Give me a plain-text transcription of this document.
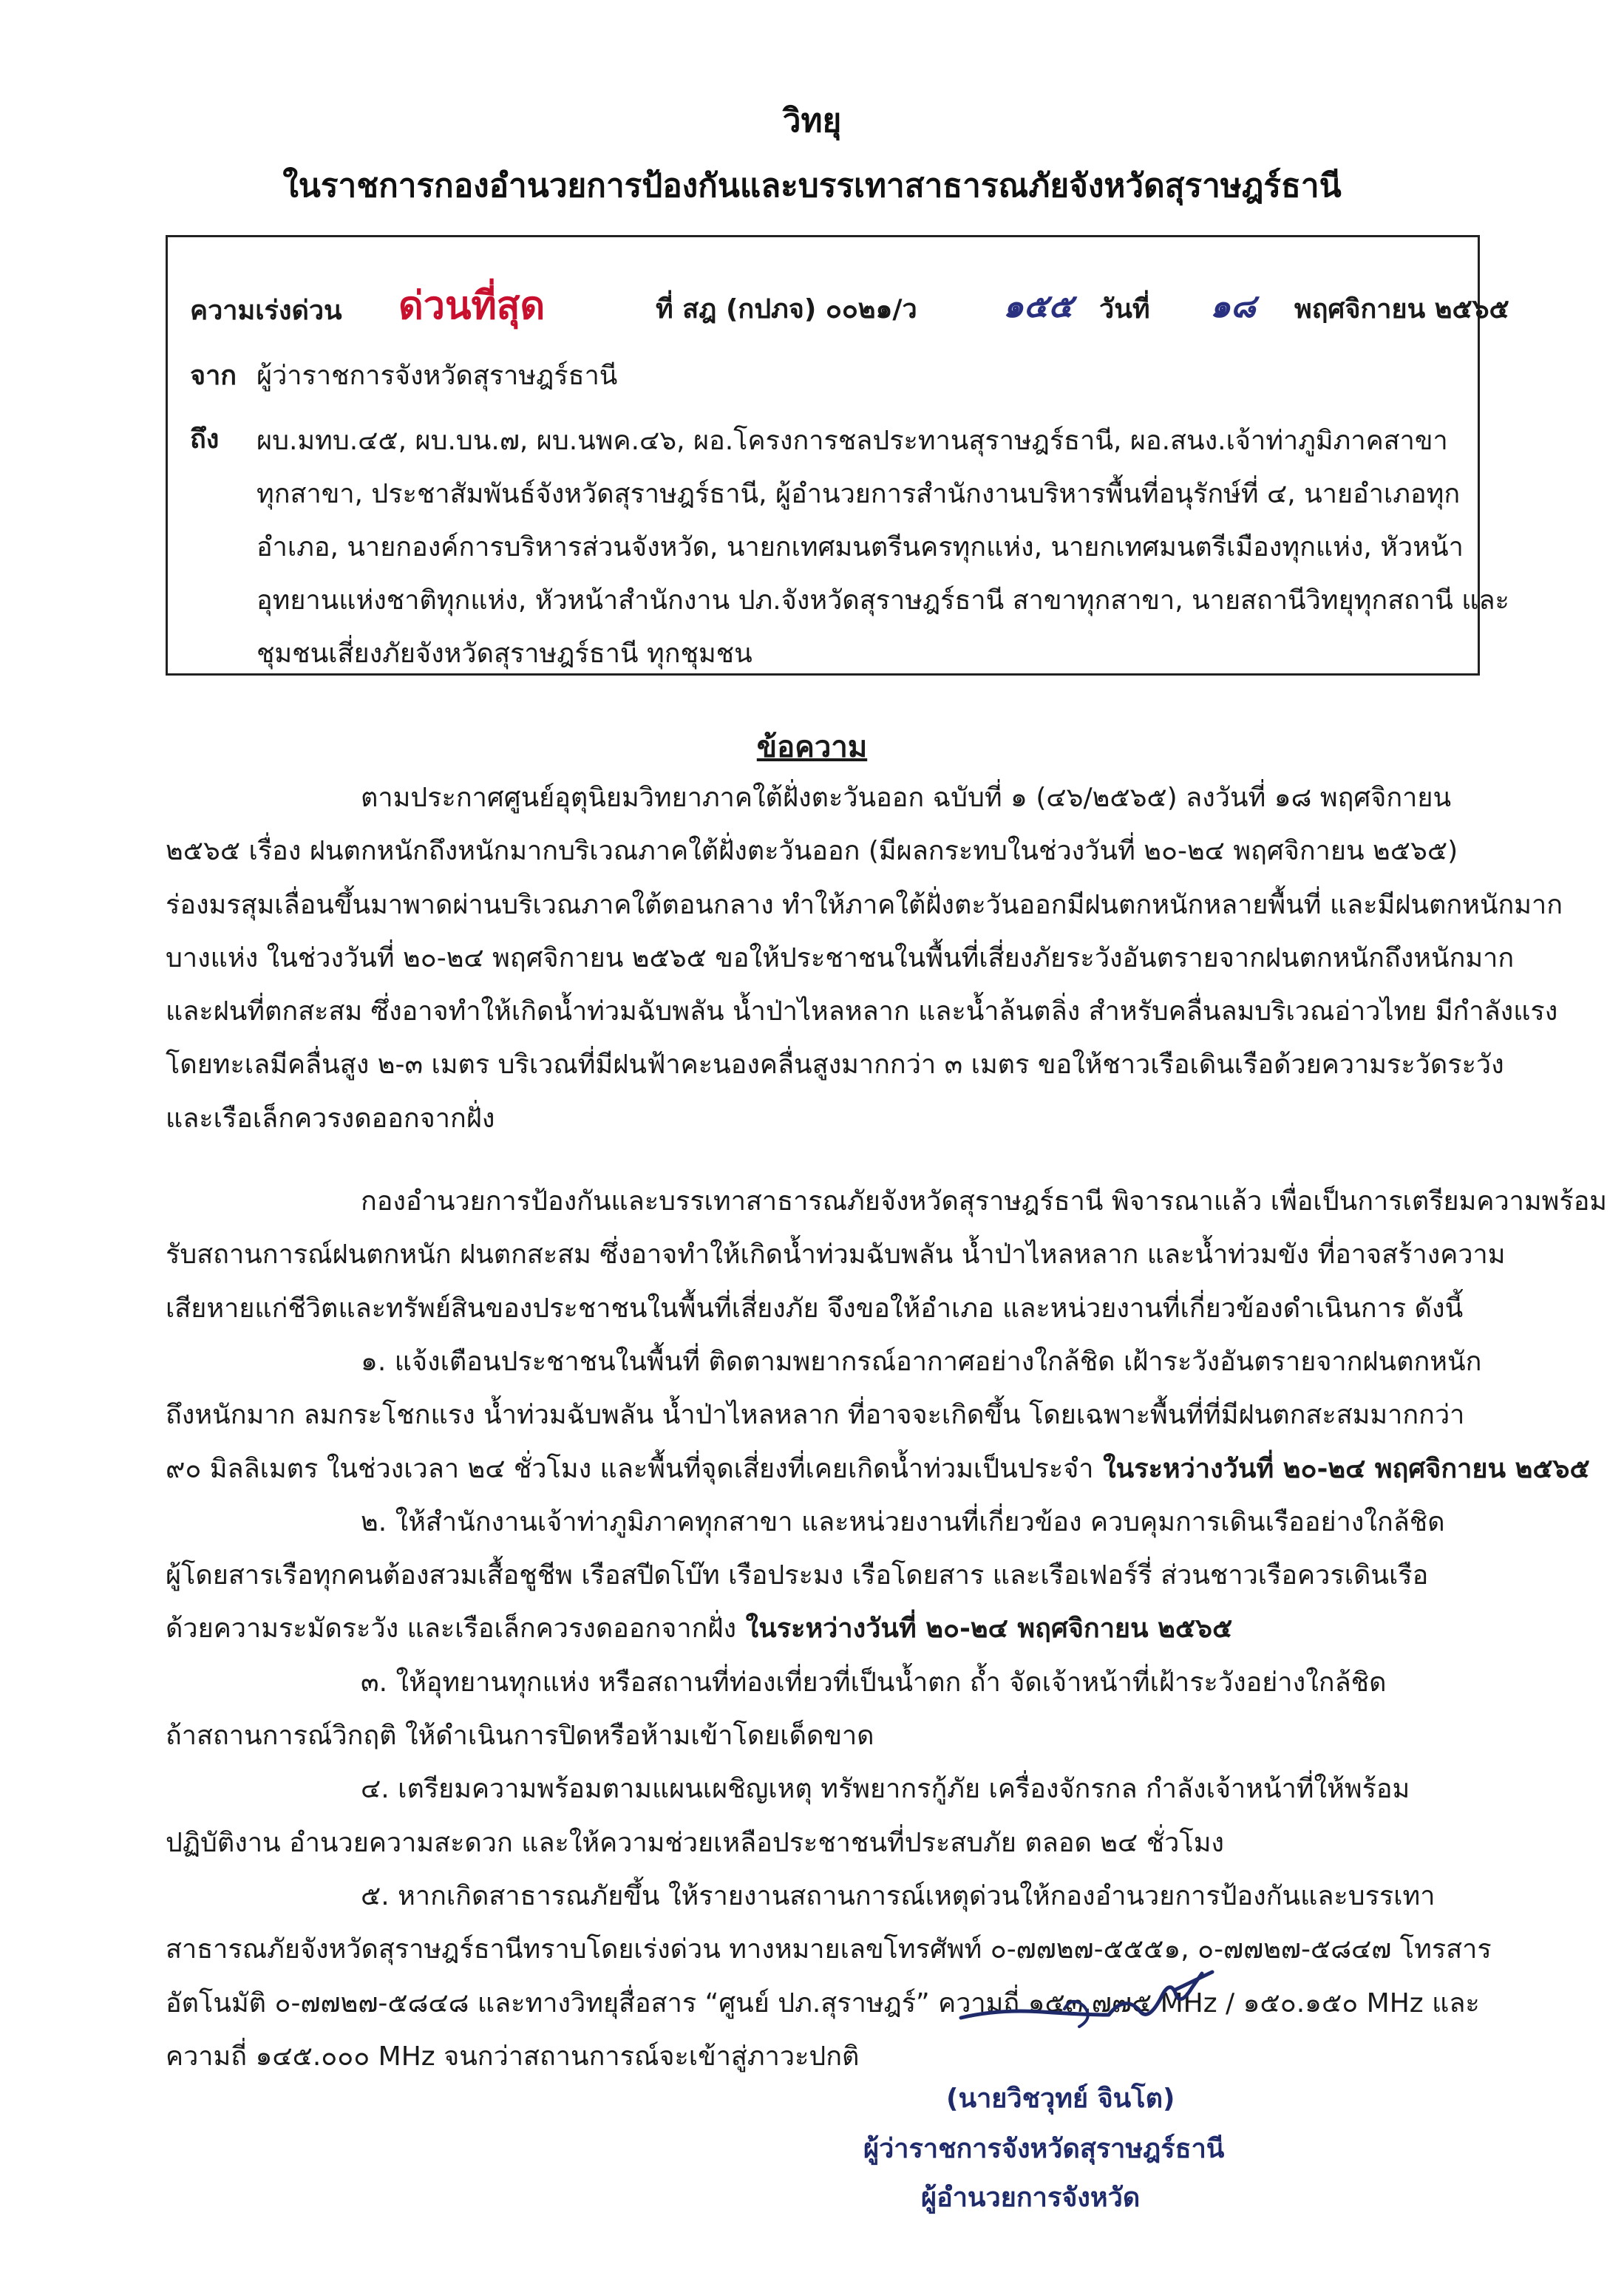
วิทยุ
ในราชการกองอำนวยการป้องกันและบรรเทาสาธารณภัยจังหวัดสุราษฎร์ธานี
ความเร่งด่วน ด่วนที่สุด	ที่ สฎ (กปภจ) ๐๐๒๑/ว	๑๕๕ วันที่ ๑๘ พฤศจิกายน ๒๕๖๕
จาก ผู้ว่าราชการจังหวัดสุราษฎร์ธานี
ถึง ผบ.มทบ.๔๕, ผบ.บน.๗, ผบ.นพค.๔๖, ผอ.โครงการชลประทานสุราษฎร์ธานี, ผอ.สนง.เจ้าท่าภูมิภาคสาขา
ทุกสาขา, ประชาสัมพันธ์จังหวัดสุราษฎร์ธานี, ผู้อำนวยการสำนักงานบริหารพื้นที่อนุรักษ์ที่ ๔, นายอำเภอทุก
อำเภอ, นายกองค์การบริหารส่วนจังหวัด, นายกเทศมนตรีนครทุกแห่ง, นายกเทศมนตรีเมืองทุกแห่ง, หัวหน้า
อุทยานแห่งชาติทุกแห่ง, หัวหน้าสำนักงาน ปภ.จังหวัดสุราษฎร์ธานี สาขาทุกสาขา, นายสถานีวิทยุทุกสถานี และ
ชุมชนเสี่ยงภัยจังหวัดสุราษฎร์ธานี ทุกชุมชน
ข้อความ
ตามประกาศศูนย์อุตุนิยมวิทยาภาคใต้ฝั่งตะวันออก ฉบับที่ ๑ (๔๖/๒๕๖๕) ลงวันที่ ๑๘ พฤศจิกายน
๒๕๖๕ เรื่อง ฝนตกหนักถึงหนักมากบริเวณภาคใต้ฝั่งตะวันออก (มีผลกระทบในช่วงวันที่ ๒๐-๒๔ พฤศจิกายน ๒๕๖๕)
ร่องมรสุมเลื่อนขึ้นมาพาดผ่านบริเวณภาคใต้ตอนกลาง ทำให้ภาคใต้ฝั่งตะวันออกมีฝนตกหนักหลายพื้นที่ และมีฝนตกหนักมาก
บางแห่ง ในช่วงวันที่ ๒๐-๒๔ พฤศจิกายน ๒๕๖๕ ขอให้ประชาชนในพื้นที่เสี่ยงภัยระวังอันตรายจากฝนตกหนักถึงหนักมาก
และฝนที่ตกสะสม ซึ่งอาจทำให้เกิดน้ำท่วมฉับพลัน น้ำป่าไหลหลาก และน้ำล้นตลิ่ง สำหรับคลื่นลมบริเวณอ่าวไทย มีกำลังแรง
โดยทะเลมีคลื่นสูง ๒-๓ เมตร บริเวณที่มีฝนฟ้าคะนองคลื่นสูงมากกว่า ๓ เมตร ขอให้ชาวเรือเดินเรือด้วยความระวัดระวัง
และเรือเล็กควรงดออกจากฝั่ง
กองอำนวยการป้องกันและบรรเทาสาธารณภัยจังหวัดสุราษฎร์ธานี พิจารณาแล้ว เพื่อเป็นการเตรียมความพร้อม
รับสถานการณ์ฝนตกหนัก ฝนตกสะสม ซึ่งอาจทำให้เกิดน้ำท่วมฉับพลัน น้ำป่าไหลหลาก และน้ำท่วมขัง ที่อาจสร้างความ
เสียหายแก่ชีวิตและทรัพย์สินของประชาชนในพื้นที่เสี่ยงภัย จึงขอให้อำเภอ และหน่วยงานที่เกี่ยวข้องดำเนินการ ดังนี้
๑. แจ้งเตือนประชาชนในพื้นที่ ติดตามพยากรณ์อากาศอย่างใกล้ชิด เฝ้าระวังอันตรายจากฝนตกหนัก
ถึงหนักมาก ลมกระโชกแรง น้ำท่วมฉับพลัน น้ำป่าไหลหลาก ที่อาจจะเกิดขึ้น โดยเฉพาะพื้นที่ที่มีฝนตกสะสมมากกว่า
๙๐ มิลลิเมตร ในช่วงเวลา ๒๔ ชั่วโมง และพื้นที่จุดเสี่ยงที่เคยเกิดน้ำท่วมเป็นประจำ ในระหว่างวันที่ ๒๐-๒๔ พฤศจิกายน ๒๕๖๕
๒. ให้สำนักงานเจ้าท่าภูมิภาคทุกสาขา และหน่วยงานที่เกี่ยวข้อง ควบคุมการเดินเรืออย่างใกล้ชิด
ผู้โดยสารเรือทุกคนต้องสวมเสื้อชูชีพ เรือสปีดโบ๊ท เรือประมง เรือโดยสาร และเรือเฟอร์รี่ ส่วนชาวเรือควรเดินเรือ
ด้วยความระมัดระวัง และเรือเล็กควรงดออกจากฝั่ง ในระหว่างวันที่ ๒๐-๒๔ พฤศจิกายน ๒๕๖๕
๓. ให้อุทยานทุกแห่ง หรือสถานที่ท่องเที่ยวที่เป็นน้ำตก ถ้ำ จัดเจ้าหน้าที่เฝ้าระวังอย่างใกล้ชิด
ถ้าสถานการณ์วิกฤติ ให้ดำเนินการปิดหรือห้ามเข้าโดยเด็ดขาด
๔. เตรียมความพร้อมตามแผนเผชิญเหตุ ทรัพยากรกู้ภัย เครื่องจักรกล กำลังเจ้าหน้าที่ให้พร้อม
ปฏิบัติงาน อำนวยความสะดวก และให้ความช่วยเหลือประชาชนที่ประสบภัย ตลอด ๒๔ ชั่วโมง
๕. หากเกิดสาธารณภัยขึ้น ให้รายงานสถานการณ์เหตุด่วนให้กองอำนวยการป้องกันและบรรเทา
สาธารณภัยจังหวัดสุราษฎร์ธานีทราบโดยเร่งด่วน ทางหมายเลขโทรศัพท์ ๐-๗๗๒๗-๕๕๕๑, ๐-๗๗๒๗-๕๘๔๗ โทรสาร
อัตโนมัติ ๐-๗๗๒๗-๕๘๔๘ และทางวิทยุสื่อสาร “ศูนย์ ปภ.สุราษฎร์” ความถี่ ๑๕๓.๗๗๕ MHz / ๑๕๐.๑๕๐ MHz และ
ความถี่ ๑๔๕.๐๐๐ MHz จนกว่าสถานการณ์จะเข้าสู่ภาวะปกติ
(นายวิชวุทย์ จินโต)
ผู้ว่าราชการจังหวัดสุราษฎร์ธานี
ผู้อำนวยการจังหวัด
